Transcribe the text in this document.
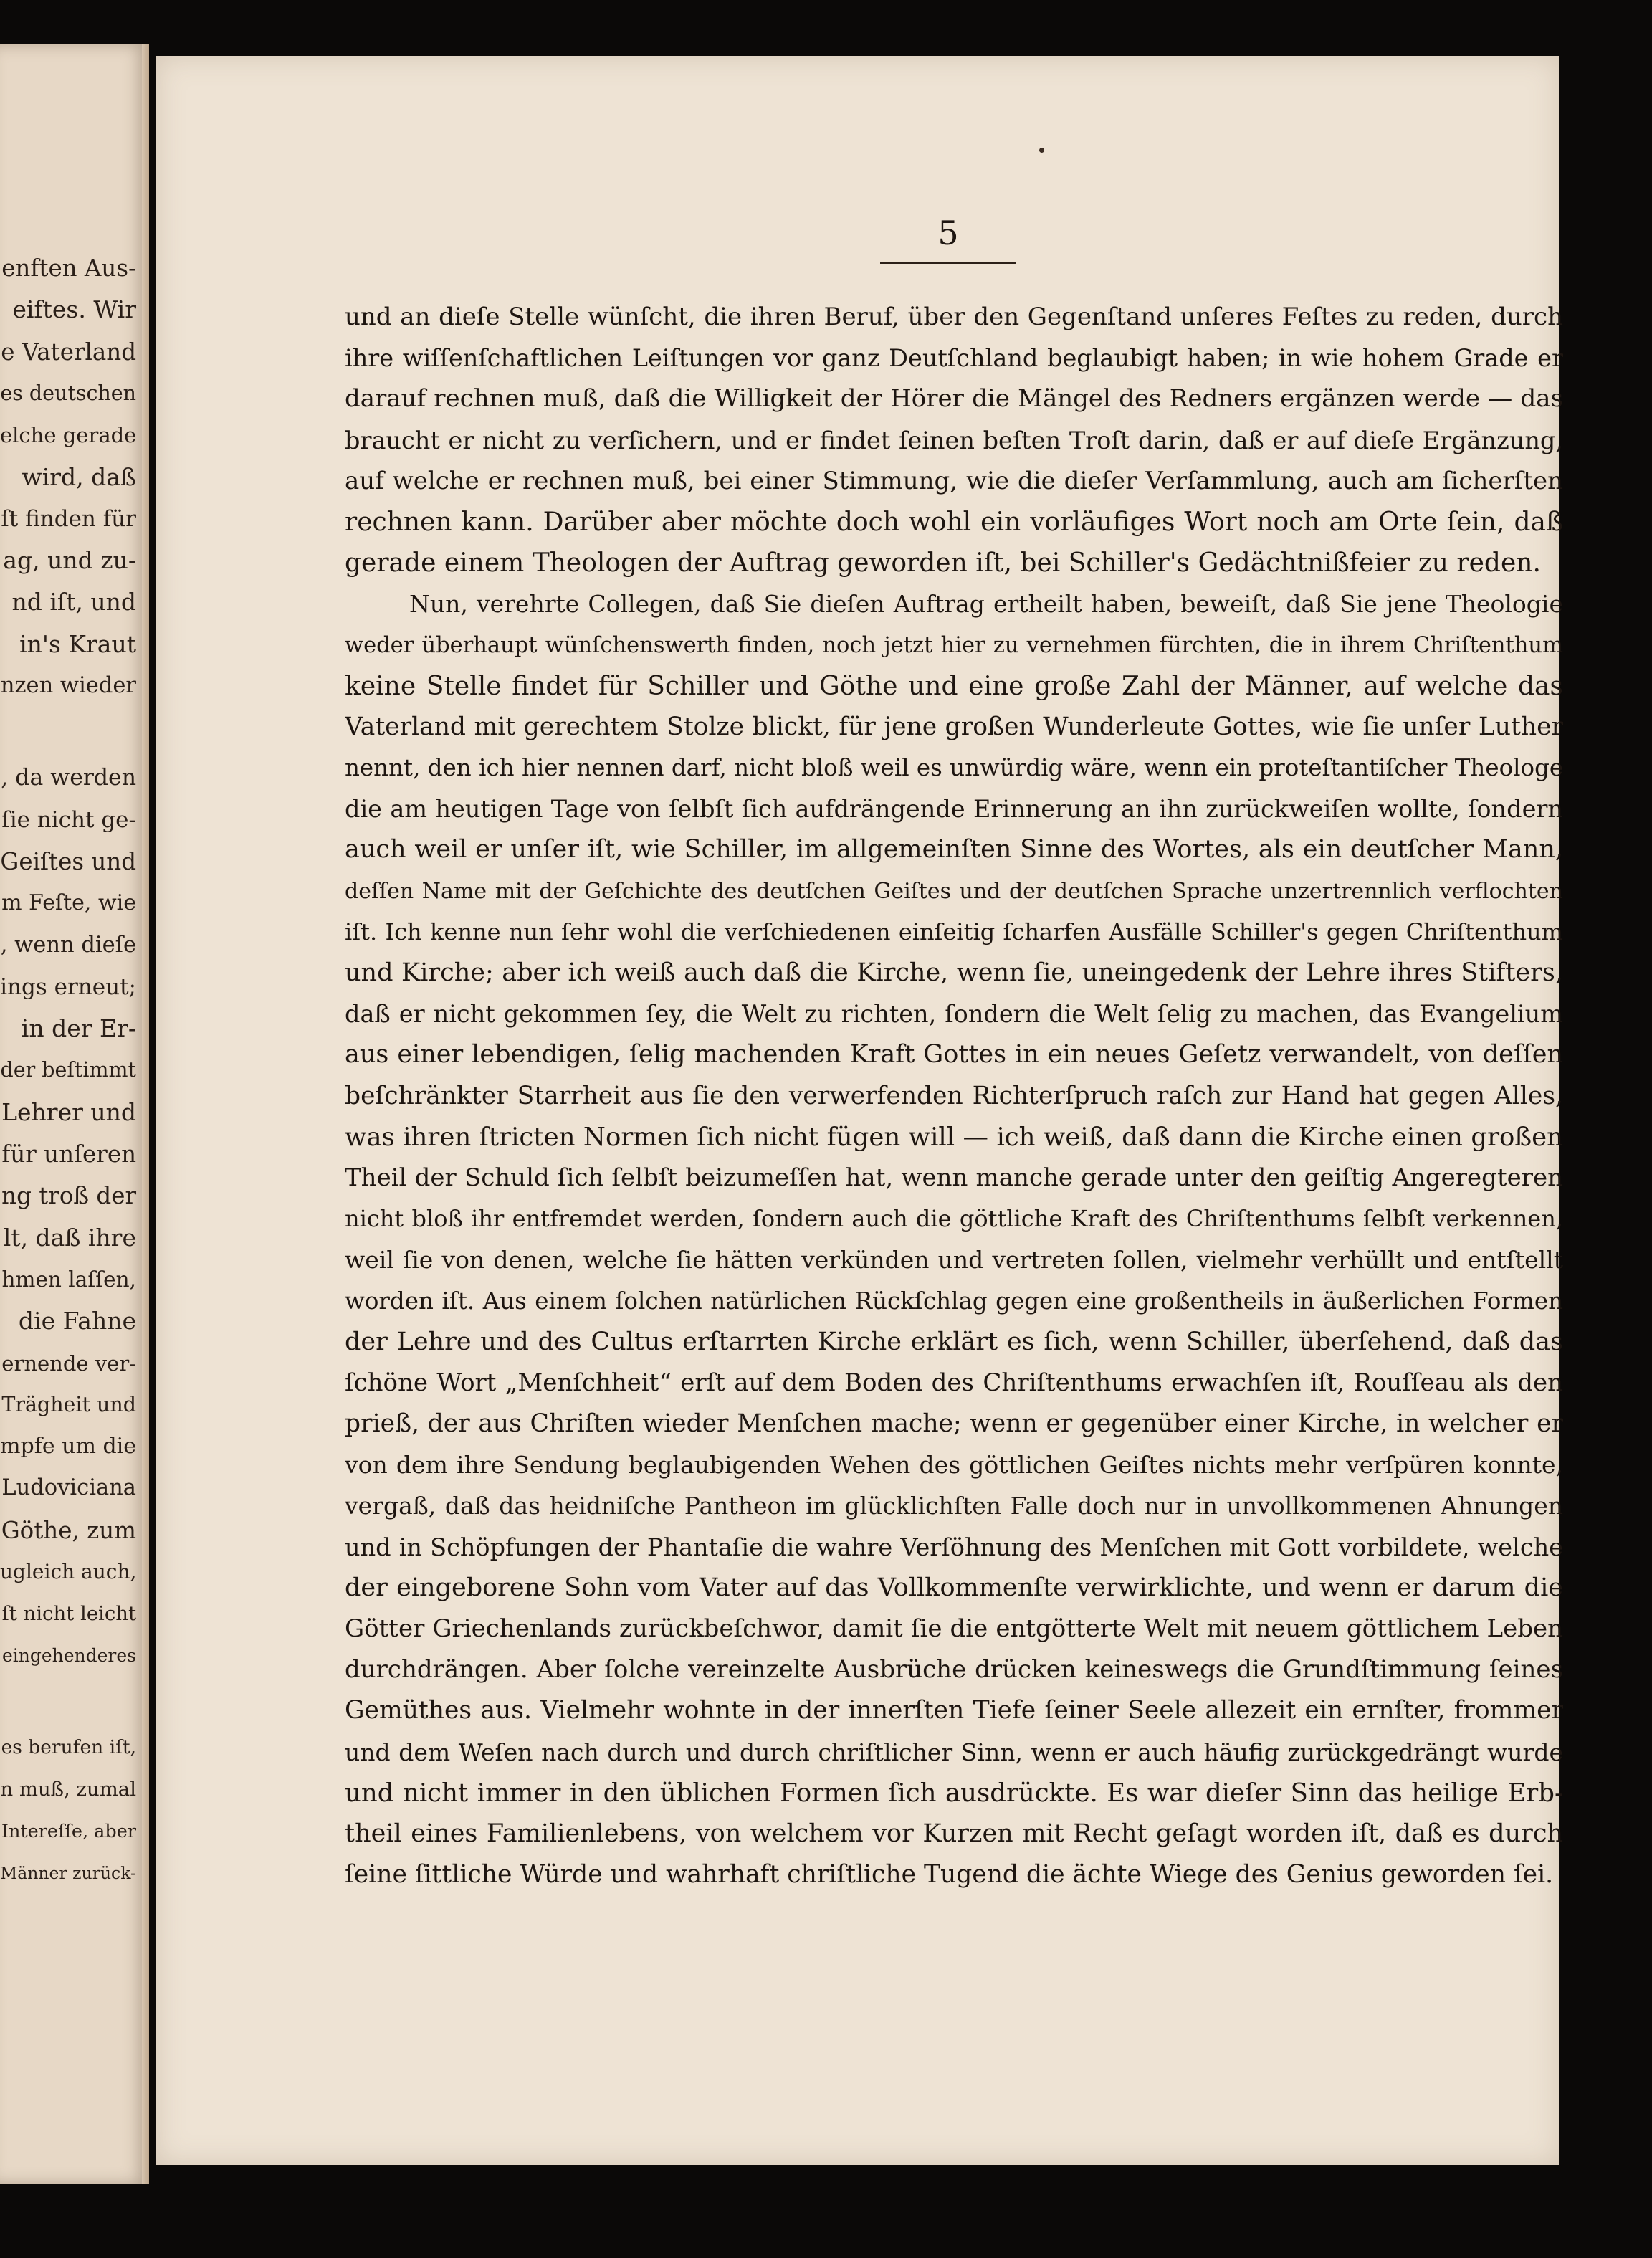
enften Aus-
eiftes. Wir
e Vaterland
es deutschen
elche gerade
wird, daß
ſt finden für
ag, und zu-
nd iſt, und
in's Kraut
nzen wieder
, da werden
ſie nicht ge-
Geiſtes und
m Feſte, wie
, wenn dieſe
ings erneut;
in der Er-
der beſtimmt
Lehrer und
für unſeren
ng troß der
lt, daß ihre
hmen laſſen,
die Fahne
ernende ver-
Trägheit und
mpfe um die
Ludoviciana
Göthe, zum
ugleich auch,
ſt nicht leicht
eingehenderes
es berufen iſt,
n muß, zumal
Intereſſe, aber
Männer zurück-
5
und an dieſe Stelle wünſcht, die ihren Beruf, über den Gegenſtand unſeres Feſtes zu reden, durch
ihre wiſſenſchaftlichen Leiſtungen vor ganz Deutſchland beglaubigt haben; in wie hohem Grade er
darauf rechnen muß, daß die Willigkeit der Hörer die Mängel des Redners ergänzen werde — das
braucht er nicht zu verſichern, und er findet ſeinen beſten Troſt darin, daß er auf dieſe Ergänzung,
auf welche er rechnen muß, bei einer Stimmung, wie die dieſer Verſammlung, auch am ſicherſten
rechnen kann. Darüber aber möchte doch wohl ein vorläufiges Wort noch am Orte ſein, daß
gerade einem Theologen der Auftrag geworden iſt, bei Schiller's Gedächtnißfeier zu reden.
Nun, verehrte Collegen, daß Sie dieſen Auftrag ertheilt haben, beweiſt, daß Sie jene Theologie
weder überhaupt wünſchenswerth finden, noch jetzt hier zu vernehmen fürchten, die in ihrem Chriſtenthum
keine Stelle findet für Schiller und Göthe und eine große Zahl der Männer, auf welche das
Vaterland mit gerechtem Stolze blickt, für jene großen Wunderleute Gottes, wie ſie unſer Luther
nennt, den ich hier nennen darf, nicht bloß weil es unwürdig wäre, wenn ein proteſtantiſcher Theologe
die am heutigen Tage von ſelbſt ſich aufdrängende Erinnerung an ihn zurückweiſen wollte, ſondern
auch weil er unſer iſt, wie Schiller, im allgemeinſten Sinne des Wortes, als ein deutſcher Mann,
deſſen Name mit der Geſchichte des deutſchen Geiſtes und der deutſchen Sprache unzertrennlich verflochten
iſt. Ich kenne nun ſehr wohl die verſchiedenen einſeitig ſcharfen Ausfälle Schiller's gegen Chriſtenthum
und Kirche; aber ich weiß auch daß die Kirche, wenn ſie, uneingedenk der Lehre ihres Stifters,
daß er nicht gekommen ſey, die Welt zu richten, ſondern die Welt ſelig zu machen, das Evangelium
aus einer lebendigen, ſelig machenden Kraft Gottes in ein neues Geſetz verwandelt, von deſſen
beſchränkter Starrheit aus ſie den verwerfenden Richterſpruch raſch zur Hand hat gegen Alles,
was ihren ſtricten Normen ſich nicht fügen will — ich weiß, daß dann die Kirche einen großen
Theil der Schuld ſich ſelbſt beizumeſſen hat, wenn manche gerade unter den geiſtig Angeregteren
nicht bloß ihr entfremdet werden, ſondern auch die göttliche Kraft des Chriſtenthums ſelbſt verkennen,
weil ſie von denen, welche ſie hätten verkünden und vertreten ſollen, vielmehr verhüllt und entſtellt
worden iſt. Aus einem ſolchen natürlichen Rückſchlag gegen eine großentheils in äußerlichen Formen
der Lehre und des Cultus erſtarrten Kirche erklärt es ſich, wenn Schiller, überſehend, daß das
ſchöne Wort „Menſchheit“ erſt auf dem Boden des Chriſtenthums erwachſen iſt, Rouſſeau als den
prieß, der aus Chriſten wieder Menſchen mache; wenn er gegenüber einer Kirche, in welcher er
von dem ihre Sendung beglaubigenden Wehen des göttlichen Geiſtes nichts mehr verſpüren konnte,
vergaß, daß das heidniſche Pantheon im glücklichſten Falle doch nur in unvollkommenen Ahnungen
und in Schöpfungen der Phantaſie die wahre Verſöhnung des Menſchen mit Gott vorbildete, welche
der eingeborene Sohn vom Vater auf das Vollkommenſte verwirklichte, und wenn er darum die
Götter Griechenlands zurückbeſchwor, damit ſie die entgötterte Welt mit neuem göttlichem Leben
durchdrängen. Aber ſolche vereinzelte Ausbrüche drücken keineswegs die Grundſtimmung ſeines
Gemüthes aus. Vielmehr wohnte in der innerſten Tiefe ſeiner Seele allezeit ein ernſter, frommer
und dem Weſen nach durch und durch chriſtlicher Sinn, wenn er auch häufig zurückgedrängt wurde
und nicht immer in den üblichen Formen ſich ausdrückte. Es war dieſer Sinn das heilige Erb-
theil eines Familienlebens, von welchem vor Kurzen mit Recht geſagt worden iſt, daß es durch
ſeine ſittliche Würde und wahrhaft chriſtliche Tugend die ächte Wiege des Genius geworden ſei.
